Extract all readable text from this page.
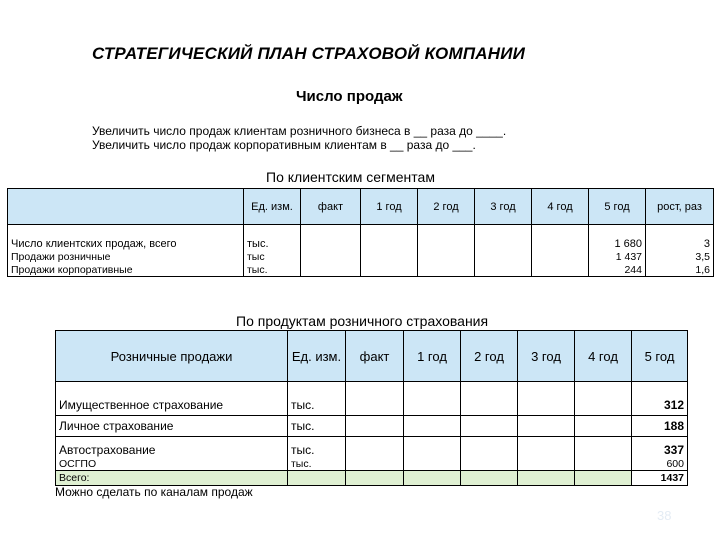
СТРАТЕГИЧЕСКИЙ ПЛАН СТРАХОВОЙ КОМПАНИИ
Число продаж
Увеличить число продаж клиентам розничного бизнеса в __ раза до ____.
Увеличить число продаж корпоративным клиентам в __ раза до ___.
По клиентским сегментам
	Ед. изм.	факт	1 год	2 год	3 год	4 год	5 год	рост, раз

Число клиентских продаж, всего	тыс.						1 680	3
Продажи розничные	тыс						1 437	3,5
Продажи корпоративные	тыс.						244	1,6
По продуктам розничного страхования
Розничные продажи	Ед. изм.	факт	1 год	2 год	3 год	4 год	5 год

Имущественное страхование	тыс.						312
Личное страхование	тыс.						188
Автострахование	тыс.						337
ОСГПО	тыс.						600
Всего:							1437
Можно сделать по каналам продаж
38
